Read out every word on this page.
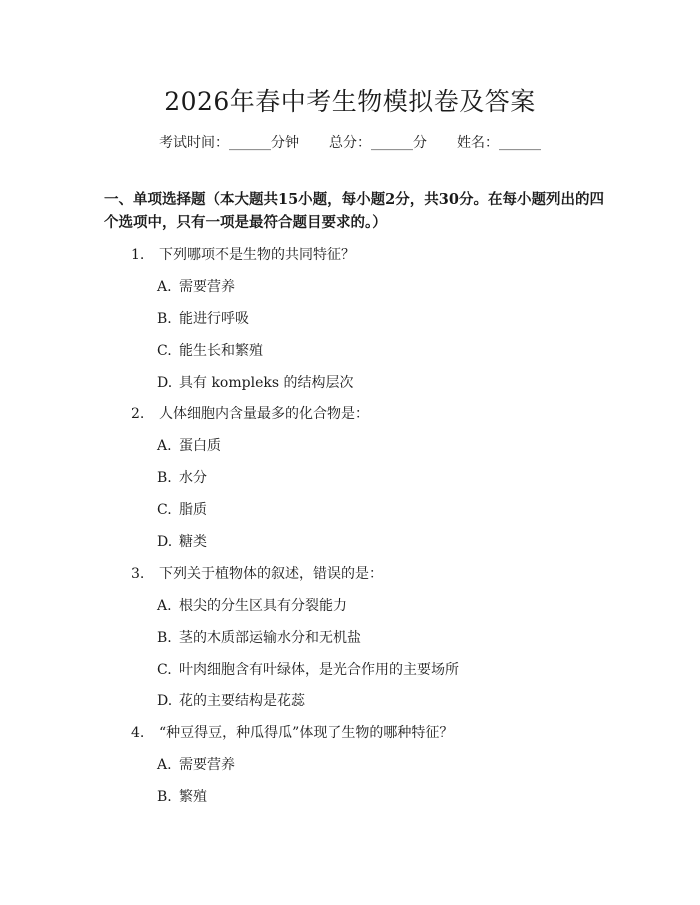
2026年春中考生物模拟卷及答案
考试时间：______分钟 总分：______分 姓名：______
一、单项选择题（本大题共15小题，每小题2分，共30分。在每小题列出的四个选项中，只有一项是最符合题目要求的。）
1. 下列哪项不是生物的共同特征？
A. 需要营养
B. 能进行呼吸
C. 能生长和繁殖
D. 具有 kompleks 的结构层次
2. 人体细胞内含量最多的化合物是：
A. 蛋白质
B. 水分
C. 脂质
D. 糖类
3. 下列关于植物体的叙述，错误的是：
A. 根尖的分生区具有分裂能力
B. 茎的木质部运输水分和无机盐
C. 叶肉细胞含有叶绿体，是光合作用的主要场所
D. 花的主要结构是花蕊
4. “种豆得豆，种瓜得瓜”体现了生物的哪种特征？
A. 需要营养
B. 繁殖
